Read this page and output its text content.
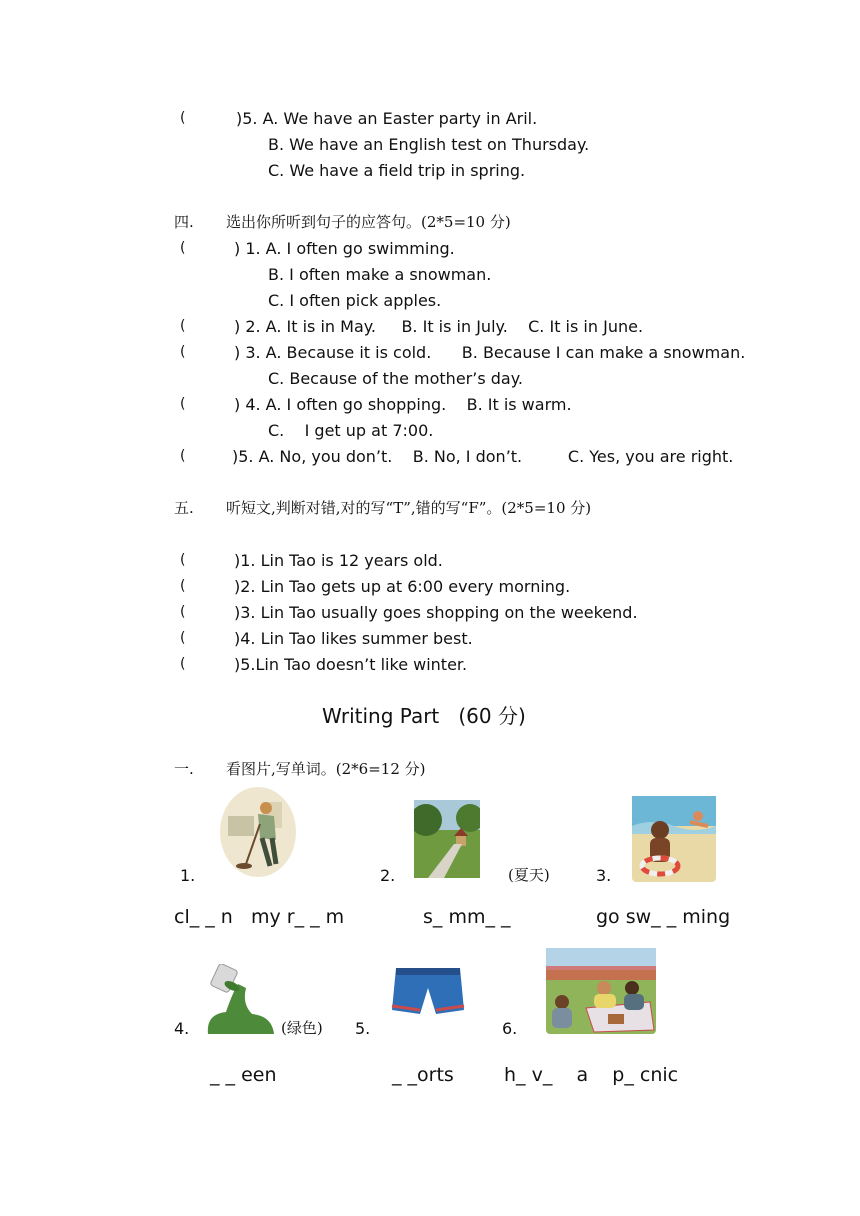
(	)5. A. We have an Easter party in Aril.
B. We have an English test on Thursday.
C. We have a field trip in spring.
四. 选出你所听到句子的应答句。(2*5=10 分)
(	) 1. A. I often go swimming.
B. I often make a snowman.
C. I often pick apples.
(	) 2. A. It is in May.     B. It is in July.    C. It is in June.
(	) 3. A. Because it is cold.      B. Because I can make a snowman.
C. Because of the mother’s day.
(	) 4. A. I often go shopping.    B. It is warm.
C.    I get up at 7:00.
(	)5. A. No, you don’t.    B. No, I don’t.         C. Yes, you are right.
五. 听短文,判断对错,对的写“T”,错的写“F”。(2*5=10 分)
(	)1. Lin Tao is 12 years old.
(	)2. Lin Tao gets up at 6:00 every morning.
(	)3. Lin Tao usually goes shopping on the weekend.
(	)4. Lin Tao likes summer best.
(	)5.Lin Tao doesn’t like winter.
Writing Part   (60 分)
一. 看图片,写单词。(2*6=12 分)
1.	2.	(夏天)	3.
cl_ _ n   my r_ _ m	s_ mm_ _	go sw_ _ ming
4.	(绿色) 5.	6.
_ _ een	_ _orts	h_ v_    a    p_ cnic
